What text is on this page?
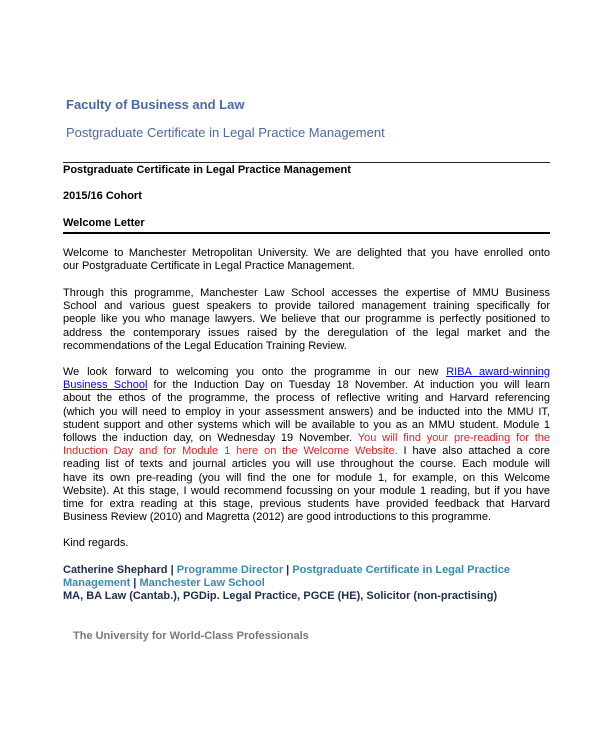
Faculty of Business and Law
Postgraduate Certificate in Legal Practice Management
Postgraduate Certificate in Legal Practice Management
2015/16 Cohort
Welcome Letter
Welcome to Manchester Metropolitan University. We are delighted that you have enrolled onto
our Postgraduate Certificate in Legal Practice Management.
Through this programme, Manchester Law School accesses the expertise of MMU Business
School and various guest speakers to provide tailored management training specifically for
people like you who manage lawyers. We believe that our programme is perfectly positioned to
address the contemporary issues raised by the deregulation of the legal market and the
recommendations of the Legal Education Training Review.
We look forward to welcoming you onto the programme in our new RIBA award-winning
Business School for the Induction Day on Tuesday 18 November. At induction you will learn
about the ethos of the programme, the process of reflective writing and Harvard referencing
(which you will need to employ in your assessment answers) and be inducted into the MMU IT,
student support and other systems which will be available to you as an MMU student. Module 1
follows the induction day, on Wednesday 19 November. You will find your pre-reading for the
Induction Day and for Module 1 here on the Welcome Website. I have also attached a core
reading list of texts and journal articles you will use throughout the course. Each module will
have its own pre-reading (you will find the one for module 1, for example, on this Welcome
Website). At this stage, I would recommend focussing on your module 1 reading, but if you have
time for extra reading at this stage, previous students have provided feedback that Harvard
Business Review (2010) and Magretta (2012) are good introductions to this programme.
Kind regards.
Catherine Shephard | Programme Director | Postgraduate Certificate in Legal Practice
Management | Manchester Law School
MA, BA Law (Cantab.), PGDip. Legal Practice, PGCE (HE), Solicitor (non-practising)
The University for World-Class Professionals
